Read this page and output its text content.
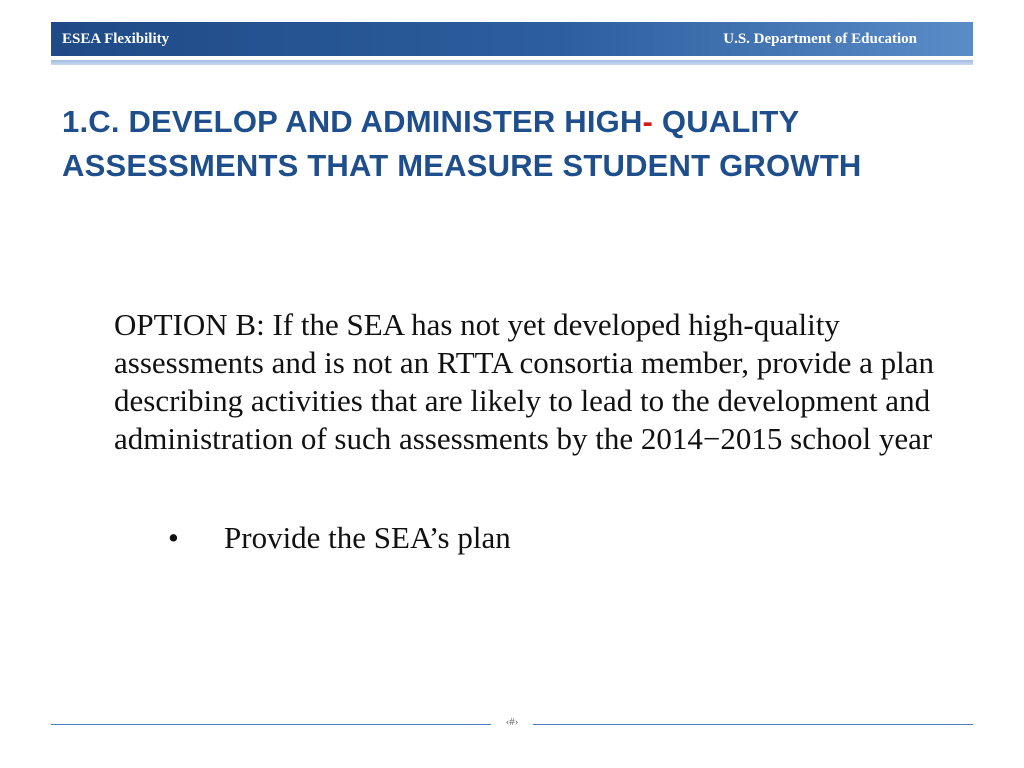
ESEA Flexibility	U.S. Department of Education
1.C. DEVELOP AND ADMINISTER HIGH- QUALITY ASSESSMENTS THAT MEASURE STUDENT GROWTH
OPTION B: If the SEA has not yet developed high-quality assessments and is not an RTTA consortia member, provide a plan describing activities that are likely to lead to the development and administration of such assessments by the 2014−2015 school year
•	Provide the SEA’s plan
‹#›
